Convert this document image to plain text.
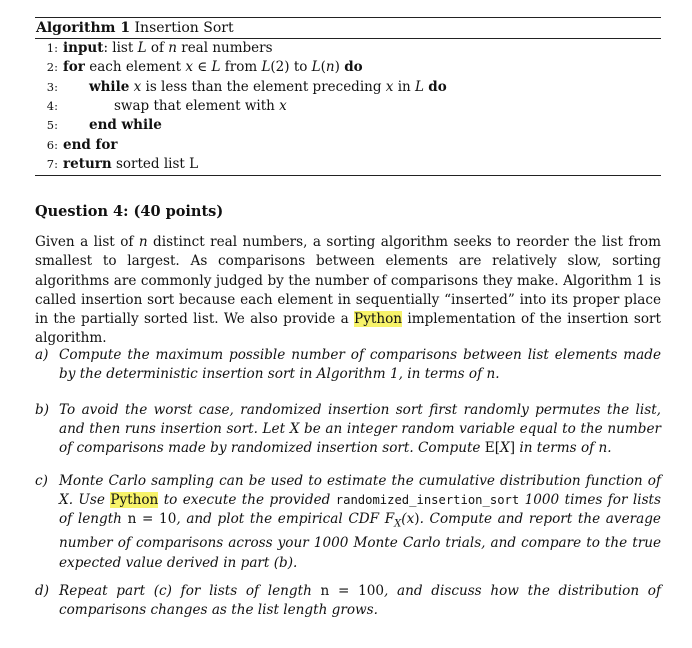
Algorithm 1 Insertion Sort
1: input: list L of n real numbers
2: for each element x ∈ L from L(2) to L(n) do
3: while x is less than the element preceding x in L do
4:	swap that element with x
5: end while
6: end for
7: return sorted list L
Question 4: (40 points)
Given a list of n distinct real numbers, a sorting algorithm seeks to reorder the list from smallest to largest. As comparisons between elements are relatively slow, sorting algorithms are commonly judged by the number of comparisons they make. Algorithm 1 is called insertion sort because each element in sequentially “inserted” into its proper place in the partially sorted list. We also provide a Python implementation of the insertion sort algorithm.
a) Compute the maximum possible number of comparisons between list elements made by the deterministic insertion sort in Algorithm 1, in terms of n.
b) To avoid the worst case, randomized insertion sort first randomly permutes the list, and then runs insertion sort. Let X be an integer random variable equal to the number of comparisons made by randomized insertion sort. Compute E[X] in terms of n.
c) Monte Carlo sampling can be used to estimate the cumulative distribution function of X. Use Python to execute the provided randomized_insertion_sort 1000 times for lists of length n = 10, and plot the empirical CDF $F_X(x)$. Compute and report the average number of comparisons across your 1000 Monte Carlo trials, and compare to the true expected value derived in part (b).
d) Repeat part (c) for lists of length n = 100, and discuss how the distribution of comparisons changes as the list length grows.
